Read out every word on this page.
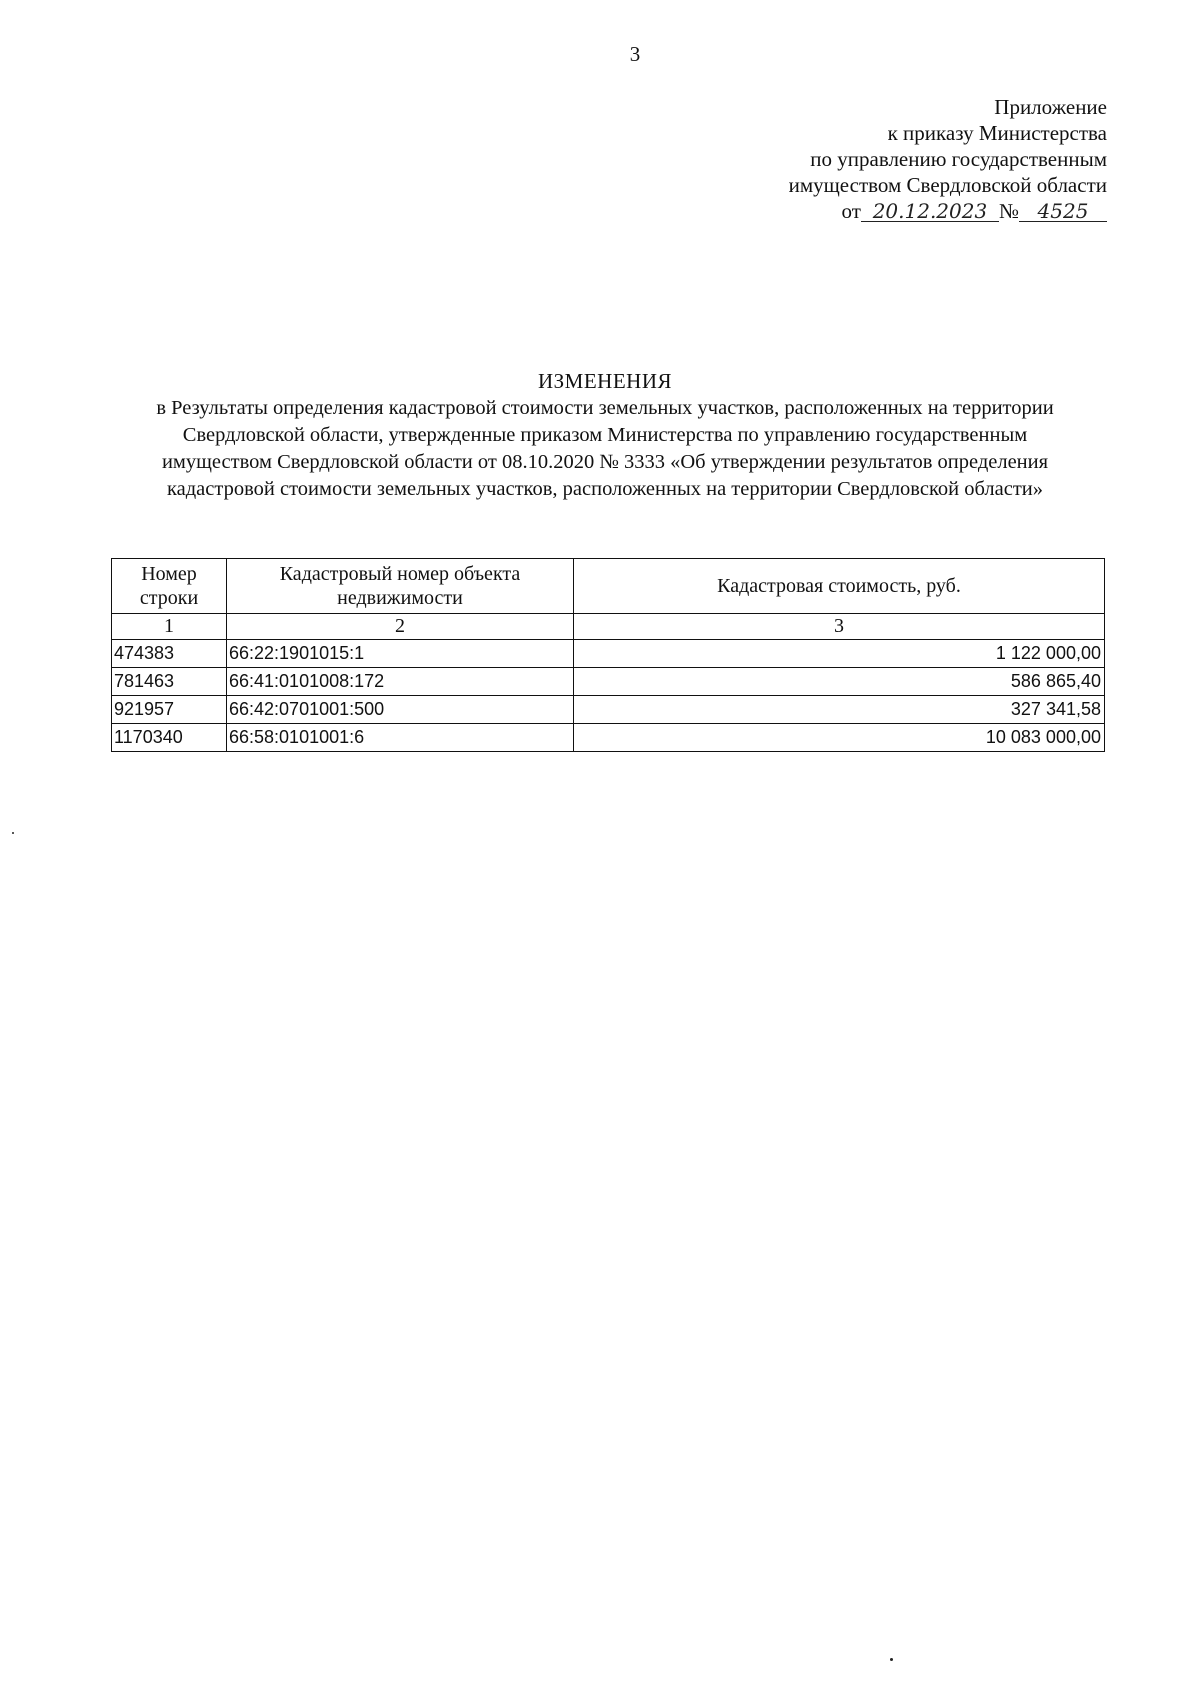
3
Приложение
к приказу Министерства
по управлению государственным
имуществом Свердловской области
от 20.12.2023 № 4525
ИЗМЕНЕНИЯ
в Результаты определения кадастровой стоимости земельных участков, расположенных на территории
Свердловской области, утвержденные приказом Министерства по управлению государственным
имуществом Свердловской области от 08.10.2020 № 3333 «Об утверждении результатов определения
кадастровой стоимости земельных участков, расположенных на территории Свердловской области»
Номер строки	Кадастровый номер объекта недвижимости	Кадастровая стоимость, руб.
1	2	3
474383	66:22:1901015:1	1 122 000,00
781463	66:41:0101008:172	586 865,40
921957	66:42:0701001:500	327 341,58
1170340	66:58:0101001:6	10 083 000,00
